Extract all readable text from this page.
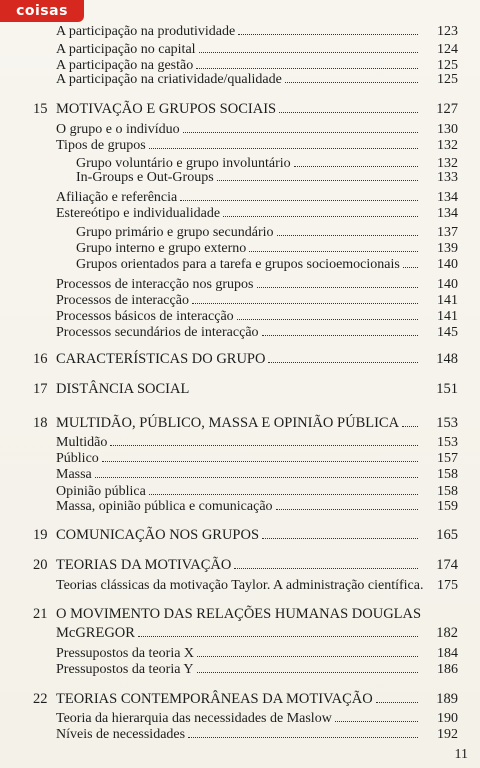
coisas
A participação na produtividade	123
A participação no capital	124
A participação na gestão	125
A participação na criatividade/qualidade	125
15 MOTIVAÇÃO E GRUPOS SOCIAIS	127
O grupo e o indivíduo	130
Tipos de grupos	132
Grupo voluntário e grupo involuntário	132
In-Groups e Out-Groups	133
Afiliação e referência	134
Estereótipo e individualidade	134
Grupo primário e grupo secundário	137
Grupo interno e grupo externo	139
Grupos orientados para a tarefa e grupos socioemocionais	140
Processos de interacção nos grupos	140
Processos de interacção	141
Processos básicos de interacção	141
Processos secundários de interacção	145
16 CARACTERÍSTICAS DO GRUPO	148
17 DISTÂNCIA SOCIAL	151
18 MULTIDÃO, PÚBLICO, MASSA E OPINIÃO PÚBLICA	153
Multidão	153
Público	157
Massa	158
Opinião pública	158
Massa, opinião pública e comunicação	159
19 COMUNICAÇÃO NOS GRUPOS	165
20 TEORIAS DA MOTIVAÇÃO	174
Teorias clássicas da motivação Taylor. A administração científica. 175
21 O MOVIMENTO DAS RELAÇÕES HUMANAS DOUGLAS
McGREGOR	182
Pressupostos da teoria X	184
Pressupostos da teoria Y	186
22 TEORIAS CONTEMPORÂNEAS DA MOTIVAÇÃO	189
Teoria da hierarquia das necessidades de Maslow	190
Níveis de necessidades	192
11
